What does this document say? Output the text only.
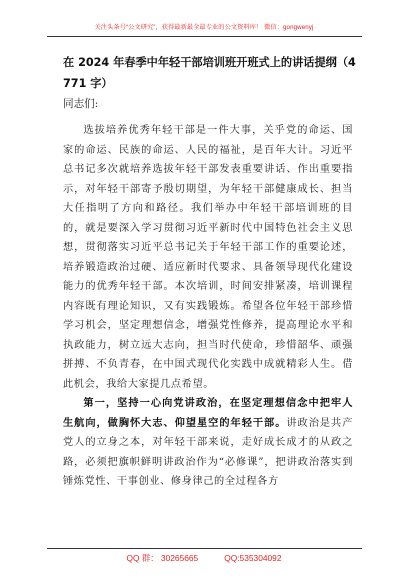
关注头条号“公文研究”，获得最新最全最专业的公文资料库！ 微信：gongwenyj
在 2024 年春季中年轻干部培训班开班式上的讲话提纲（4771 字）
同志们:

选拔培养优秀年轻干部是一件大事，关乎党的命运、国家的命运、民族的命运、人民的福祉，是百年大计。习近平总书记多次就培养选拔年轻干部发表重要讲话、作出重要指示，对年轻干部寄予殷切期望，为年轻干部健康成长、担当大任指明了方向和路径。我们举办中年轻干部培训班的目的，就是要深入学习贯彻习近平新时代中国特色社会主义思想，贯彻落实习近平总书记关于年轻干部工作的重要论述，培养锻造政治过硬、适应新时代要求、具备领导现代化建设能力的优秀年轻干部。本次培训，时间安排紧凑，培训课程内容既有理论知识，又有实践锻炼。希望各位年轻干部珍惜学习机会，坚定理想信念，增强党性修养，提高理论水平和执政能力，树立远大志向，担当时代使命，珍惜韶华、顽强拼搏、不负青春，在中国式现代化实践中成就精彩人生。借此机会，我给大家提几点希望。

第一，坚持一心向党讲政治，在坚定理想信念中把牢人生航向，做胸怀大志、仰望星空的年轻干部。讲政治是共产党人的立身之本，对年轻干部来说，走好成长成才的从政之路，必须把旗帜鲜明讲政治作为“必修课”，把讲政治落实到锤炼党性、干事创业、修身律己的全过程各方

QQ 群： 30265665	QQ:535304092
